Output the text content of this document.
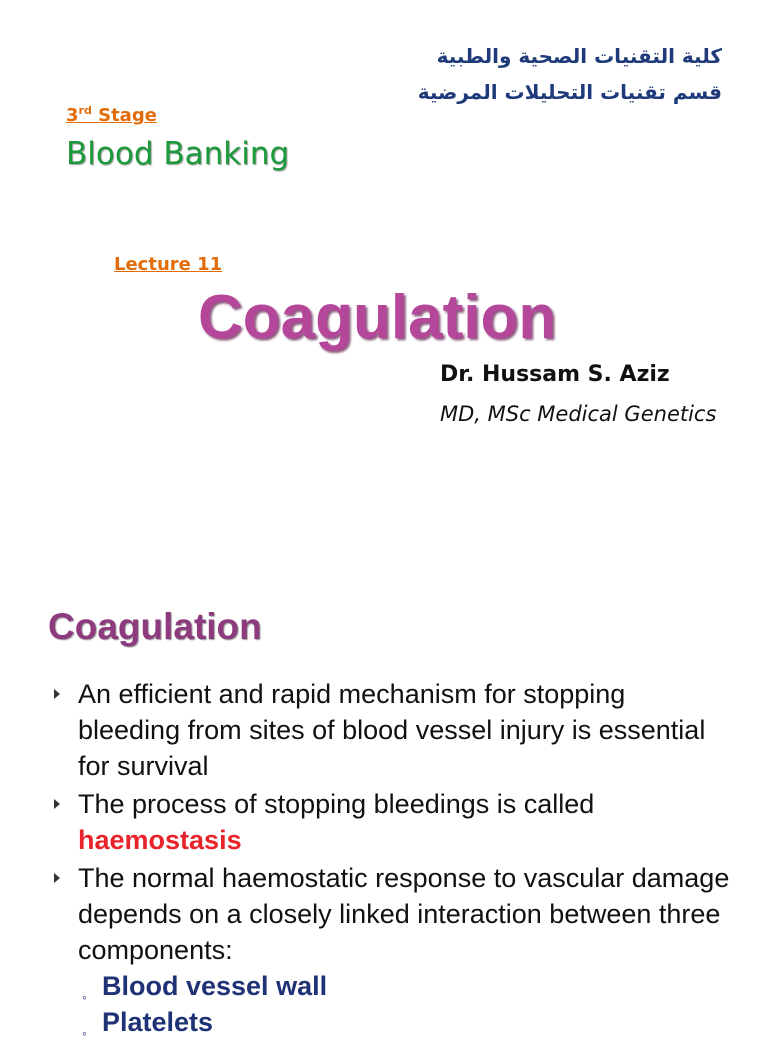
كلية التقنيات الصحية والطبية
قسم تقنيات التحليلات المرضية
3rd Stage
Blood Banking
Lecture 11
Coagulation
Dr. Hussam S. Aziz
MD, MSc Medical Genetics
Coagulation
An efficient and rapid mechanism for stopping bleeding from sites of blood vessel injury is essential for survival
The process of stopping bleedings is called
haemostasis
The normal haemostatic response to vascular damage depends on a closely linked interaction between three components:
◦ Blood vessel wall
◦ Platelets
